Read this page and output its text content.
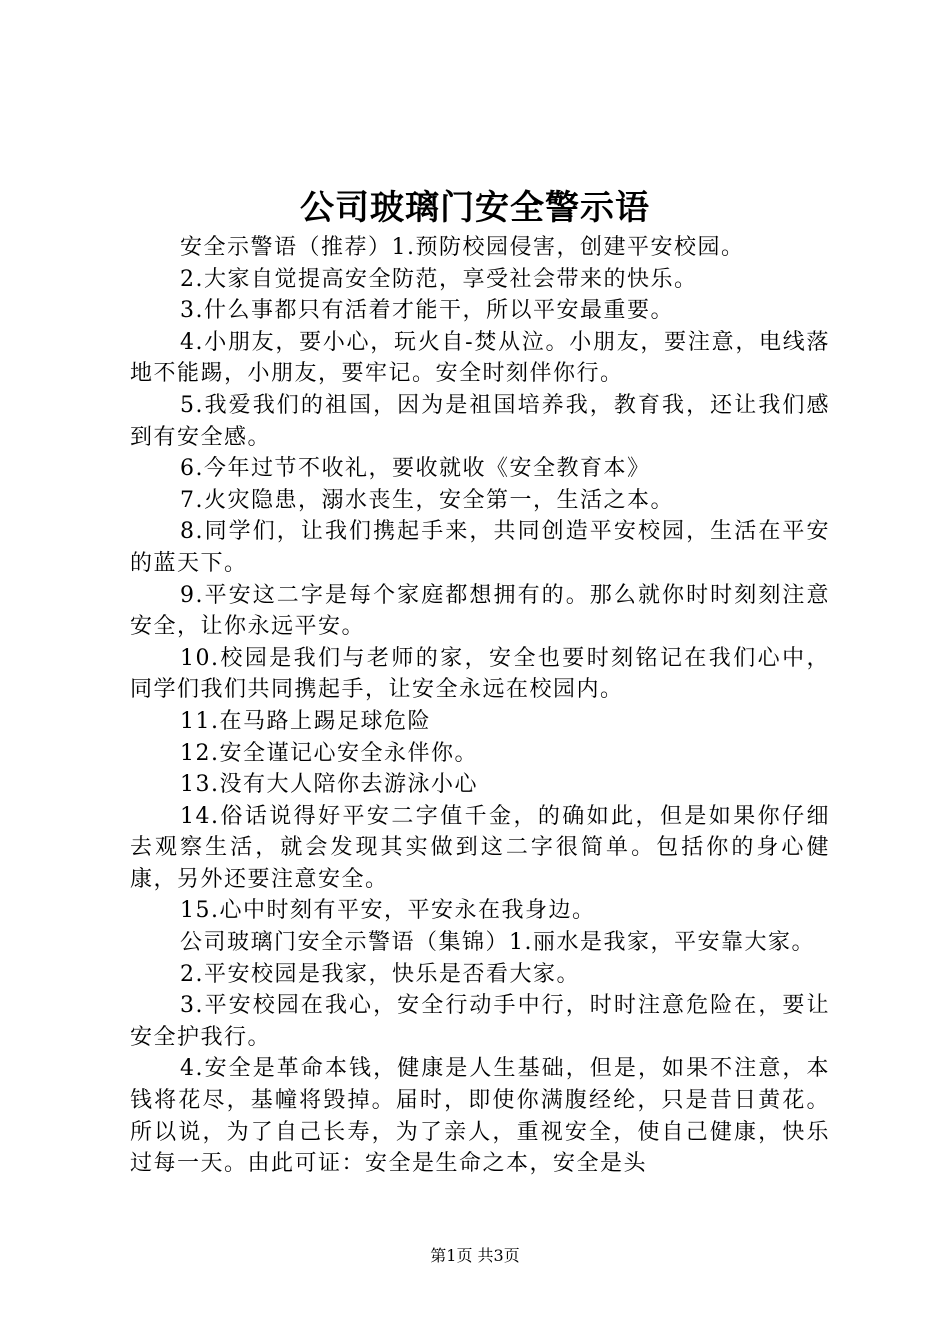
公司玻璃门安全警示语

安全示警语（推荐）1.预防校园侵害，创建平安校园。

2.大家自觉提高安全防范，享受社会带来的快乐。

3.什么事都只有活着才能干，所以平安最重要。

4.小朋友，要小心，玩火自-焚从泣。小朋友，要注意，电线落地不能踢，小朋友，要牢记。安全时刻伴你行。

5.我爱我们的祖国，因为是祖国培养我，教育我，还让我们感到有安全感。

6.今年过节不收礼，要收就收《安全教育本》

7.火灾隐患，溺水丧生，安全第一，生活之本。

8.同学们，让我们携起手来，共同创造平安校园，生活在平安的蓝天下。

9.平安这二字是每个家庭都想拥有的。那么就你时时刻刻注意安全，让你永远平安。

10.校园是我们与老师的家，安全也要时刻铭记在我们心中，同学们我们共同携起手，让安全永远在校园内。

11.在马路上踢足球危险

12.安全谨记心安全永伴你。

13.没有大人陪你去游泳小心

14.俗话说得好平安二字值千金，的确如此，但是如果你仔细去观察生活，就会发现其实做到这二字很简单。包括你的身心健康，另外还要注意安全。

15.心中时刻有平安，平安永在我身边。

公司玻璃门安全示警语（集锦）1.丽水是我家，平安靠大家。

2.平安校园是我家，快乐是否看大家。

3.平安校园在我心，安全行动手中行，时时注意危险在，要让安全护我行。

4.安全是革命本钱，健康是人生基础，但是，如果不注意，本钱将花尽，基幢将毁掉。届时，即使你满腹经纶，只是昔日黄花。所以说，为了自己长寿，为了亲人，重视安全，使自己健康，快乐过每一天。由此可证：安全是生命之本，安全是头

第1页 共3页
